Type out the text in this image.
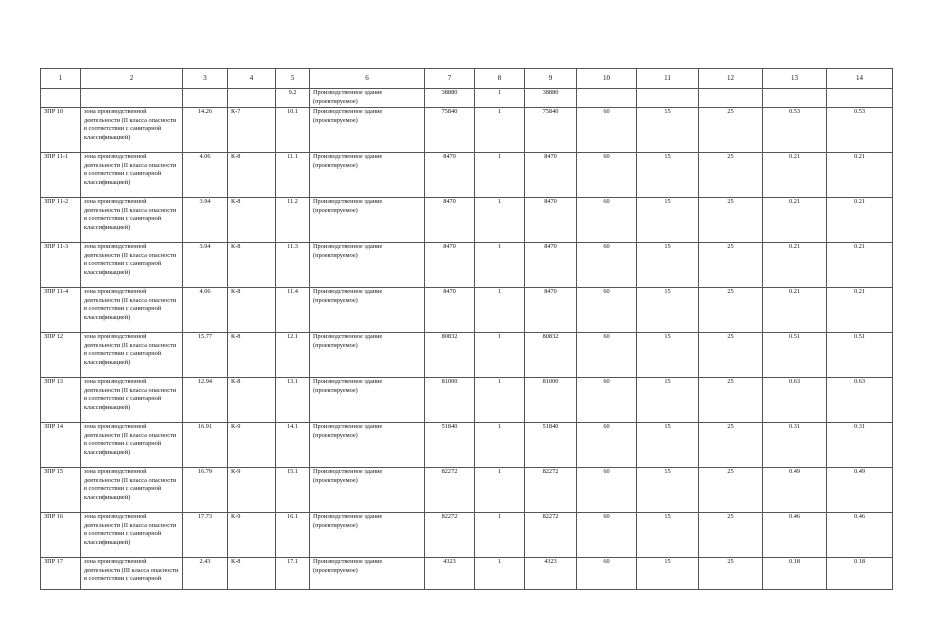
1	2	3	4	5	6	7	8	9	10	11	12	13	14
				9.2	Производственное здание (проектируемое)	38880	1	38880					
ЗПР 10	зона производственной деятельности (II класса опасности в соответствии с санитарной классификацией)	14.26	К-7	10.1	Производственное здание (проектируемое)	75840	1	75840	60	15	25	0.53	0.53
ЗПР 11-1	зона производственной деятельности (II класса опасности в соответствии с санитарной классификацией)	4.06	К-8	11.1	Производственное здание (проектируемое)	8470	1	8470	60	15	25	0.21	0.21
ЗПР 11-2	зона производственной деятельности (II класса опасности в соответствии с санитарной классификацией)	3.94	К-8	11.2	Производственное здание (проектируемое)	8470	1	8470	60	15	25	0.21	0.21
ЗПР 11-3	зона производственной деятельности (II класса опасности в соответствии с санитарной классификацией)	3.94	К-8	11.3	Производственное здание (проектируемое)	8470	1	8470	60	15	25	0.21	0.21
ЗПР 11-4	зона производственной деятельности (II класса опасности в соответствии с санитарной классификацией)	4.06	К-8	11.4	Производственное здание (проектируемое)	8470	1	8470	60	15	25	0.21	0.21
ЗПР 12	зона производственной деятельности (II класса опасности в соответствии с санитарной классификацией)	15.77	К-8	12.1	Производственное здание (проектируемое)	80832	1	80832	60	15	25	0.51	0.51
ЗПР 13	зона производственной деятельности (II класса опасности в соответствии с санитарной классификацией)	12.94	К-8	13.1	Производственное здание (проектируемое)	81000	1	81000	60	15	25	0.63	0.63
ЗПР 14	зона производственной деятельности (II класса опасности в соответствии с санитарной классификацией)	16.91	К-9	14.1	Производственное здание (проектируемое)	51840	1	51840	60	15	25	0.31	0.31
ЗПР 15	зона производственной деятельности (II класса опасности в соответствии с санитарной классификацией)	16.79	К-9	15.1	Производственное здание (проектируемое)	82272	1	82272	60	15	25	0.49	0.49
ЗПР 16	зона производственной деятельности (II класса опасности в соответствии с санитарной классификацией)	17.73	К-9	16.1	Производственное здание (проектируемое)	82272	1	82272	60	15	25	0.46	0.46
ЗПР 17	зона производственной деятельности (III класса опасности в соответствии с санитарной	2.43	К-8	17.1	Производственное здание (проектируемое)	4323	1	4323	60	15	25	0.18	0.18
